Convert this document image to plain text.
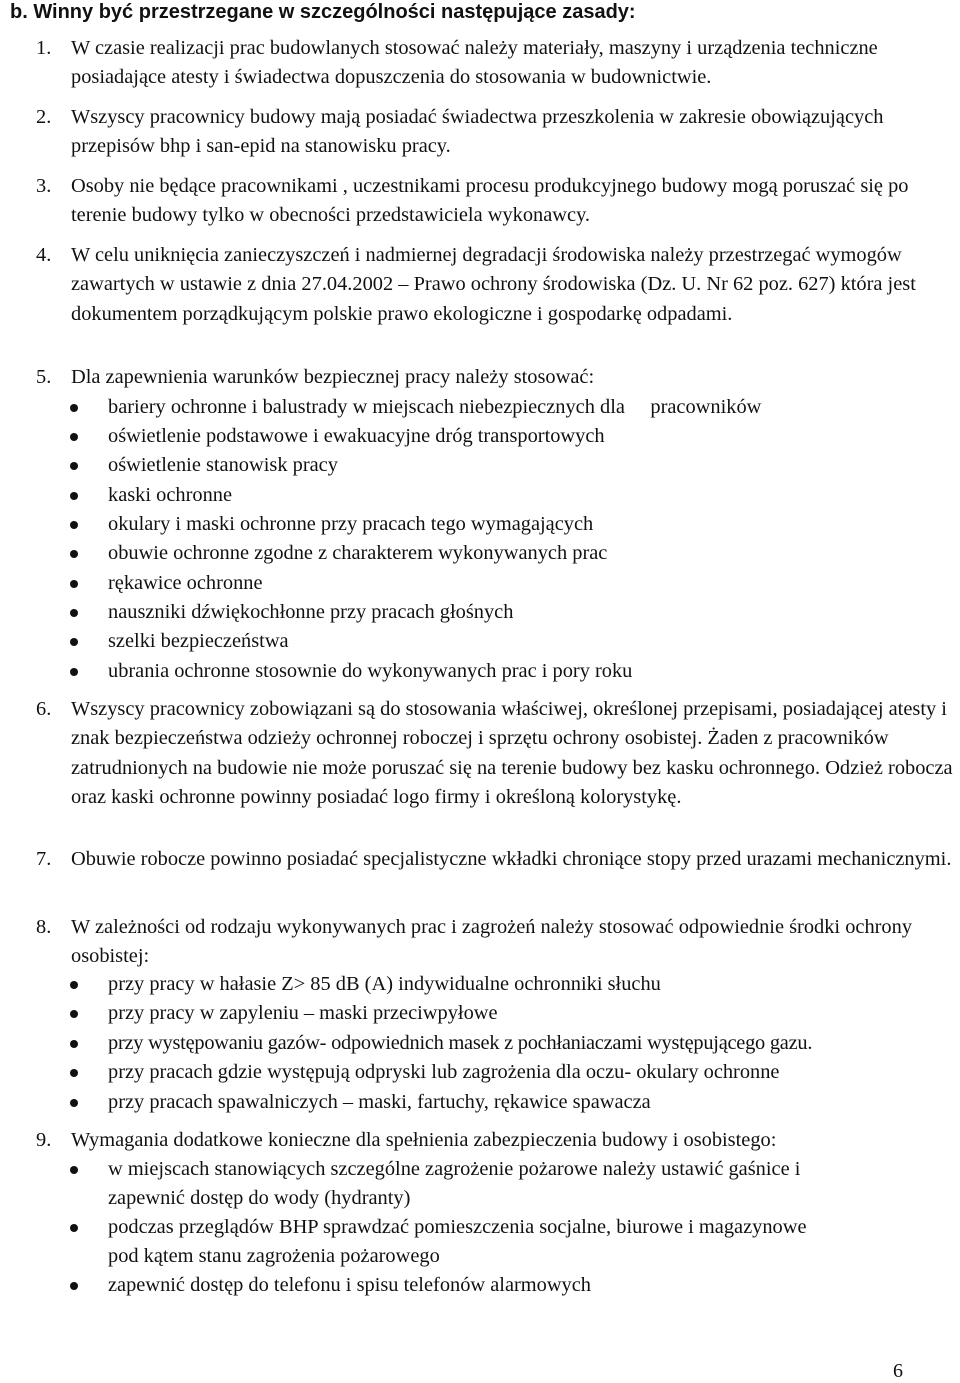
b. Winny być przestrzegane w szczególności następujące zasady:
1. W czasie realizacji prac budowlanych stosować należy materiały, maszyny i urządzenia techniczne posiadające atesty i świadectwa dopuszczenia do stosowania w budownictwie.
2. Wszyscy pracownicy budowy mają posiadać świadectwa przeszkolenia w zakresie obowiązujących przepisów bhp i san-epid na stanowisku pracy.
3. Osoby nie będące pracownikami , uczestnikami procesu produkcyjnego budowy mogą poruszać się po terenie budowy tylko w obecności przedstawiciela wykonawcy.
4. W celu uniknięcia zanieczyszczeń i nadmiernej degradacji środowiska należy przestrzegać wymogów zawartych w ustawie z dnia 27.04.2002 – Prawo ochrony środowiska (Dz. U. Nr 62 poz. 627) która jest dokumentem porządkującym polskie prawo ekologiczne i gospodarkę odpadami.
5. Dla zapewnienia warunków bezpiecznej pracy należy stosować:
bariery ochronne i balustrady w miejscach niebezpiecznych dla     pracowników
oświetlenie podstawowe i ewakuacyjne dróg transportowych
oświetlenie stanowisk pracy
kaski ochronne
okulary i maski ochronne przy pracach tego wymagających
obuwie ochronne zgodne z charakterem wykonywanych prac
rękawice ochronne
nauszniki dźwiękochłonne przy pracach głośnych
szelki bezpieczeństwa
ubrania ochronne stosownie do wykonywanych prac i pory roku
6. Wszyscy pracownicy zobowiązani są do stosowania właściwej, określonej przepisami, posiadającej atesty i znak bezpieczeństwa odzieży ochronnej roboczej i sprzętu ochrony osobistej. Żaden z pracowników zatrudnionych na budowie nie może poruszać się na terenie budowy bez kasku ochronnego. Odzież robocza oraz kaski ochronne powinny posiadać logo firmy i określoną kolorystykę.
7. Obuwie robocze powinno posiadać specjalistyczne wkładki chroniące stopy przed urazami mechanicznymi.
8. W zależności od rodzaju wykonywanych prac i zagrożeń należy stosować odpowiednie środki ochrony osobistej:
przy pracy w hałasie Z> 85 dB (A) indywidualne ochronniki słuchu
przy pracy w zapyleniu – maski przeciwpyłowe
przy występowaniu gazów- odpowiednich masek z pochłaniaczami występującego gazu.
przy pracach gdzie występują odpryski lub zagrożenia dla oczu- okulary ochronne
przy pracach spawalniczych – maski, fartuchy, rękawice spawacza
9. Wymagania dodatkowe konieczne dla spełnienia zabezpieczenia budowy i osobistego:
w miejscach stanowiących szczególne zagrożenie pożarowe należy ustawić gaśnice i zapewnić dostęp do wody (hydranty)
podczas przeglądów BHP sprawdzać pomieszczenia socjalne, biurowe i magazynowe pod kątem stanu zagrożenia pożarowego
zapewnić dostęp do telefonu i spisu telefonów alarmowych
6
